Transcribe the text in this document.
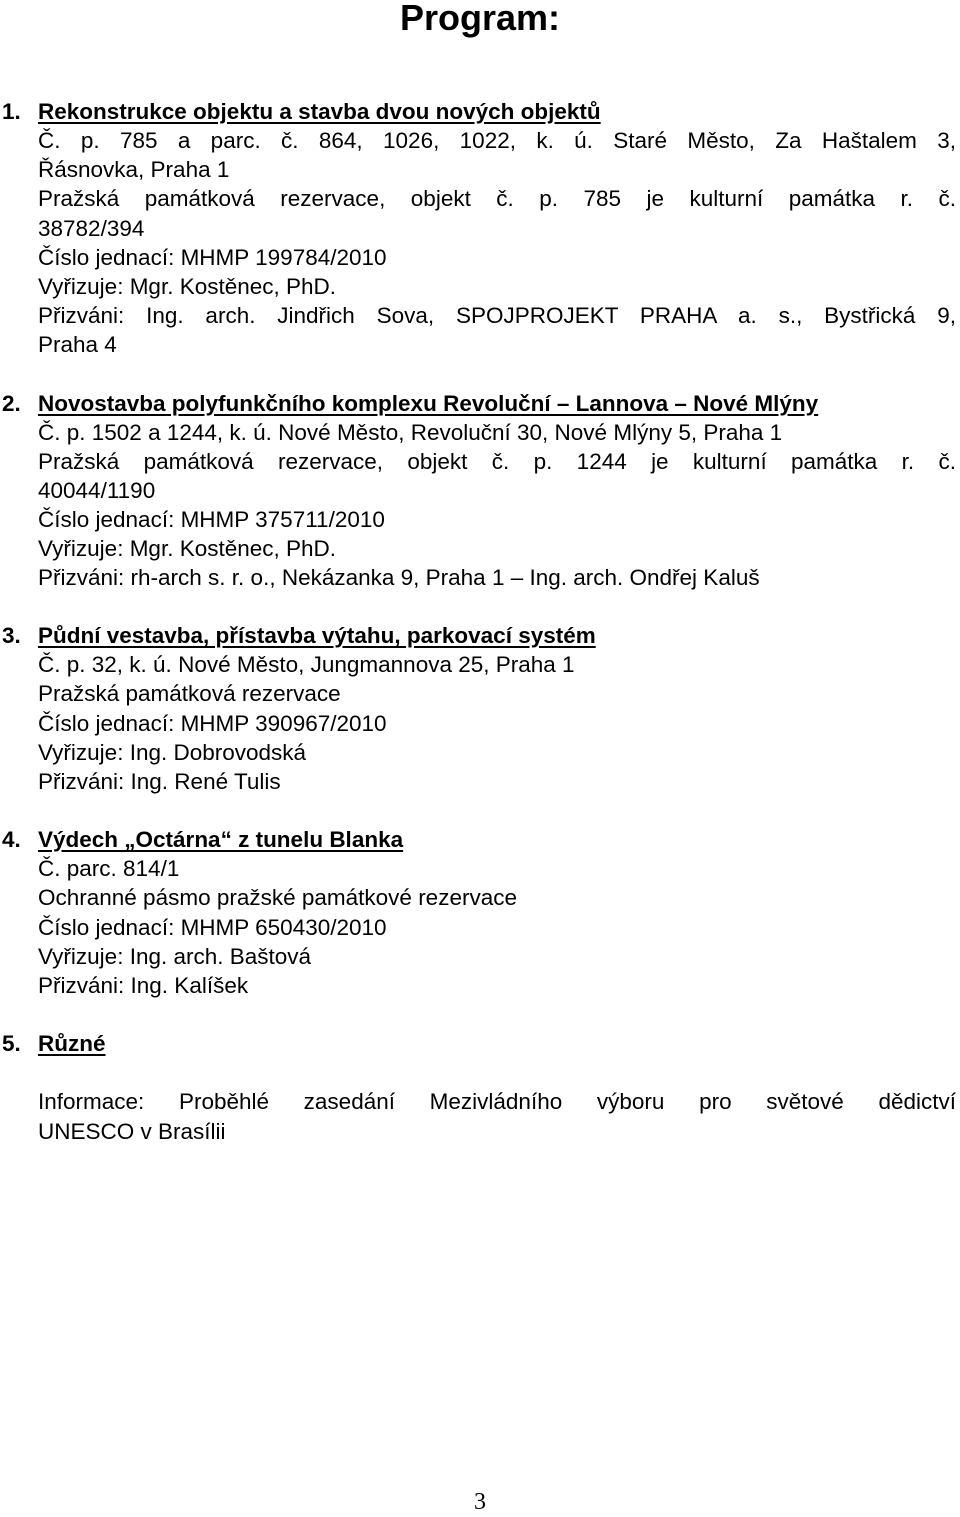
Program:
1. Rekonstrukce objektu a stavba dvou nových objektů
Č. p. 785 a parc. č. 864, 1026, 1022, k. ú. Staré Město, Za Haštalem 3,
Řásnovka, Praha 1
Pražská památková rezervace, objekt č. p. 785 je kulturní památka r. č.
38782/394
Číslo jednací: MHMP 199784/2010
Vyřizuje: Mgr. Kostěnec, PhD.
Přizváni: Ing. arch. Jindřich Sova, SPOJPROJEKT PRAHA a. s., Bystřická 9,
Praha 4
2. Novostavba polyfunkčního komplexu Revoluční – Lannova – Nové Mlýny
Č. p. 1502 a 1244, k. ú. Nové Město, Revoluční 30, Nové Mlýny 5, Praha 1
Pražská památková rezervace, objekt č. p. 1244 je kulturní památka r. č.
40044/1190
Číslo jednací: MHMP 375711/2010
Vyřizuje: Mgr. Kostěnec, PhD.
Přizváni: rh-arch s. r. o., Nekázanka 9, Praha 1 – Ing. arch. Ondřej Kaluš
3. Půdní vestavba, přístavba výtahu, parkovací systém
Č. p. 32, k. ú. Nové Město, Jungmannova 25, Praha 1
Pražská památková rezervace
Číslo jednací: MHMP 390967/2010
Vyřizuje: Ing. Dobrovodská
Přizváni: Ing. René Tulis
4. Výdech „Octárna“ z tunelu Blanka
Č. parc. 814/1
Ochranné pásmo pražské památkové rezervace
Číslo jednací: MHMP 650430/2010
Vyřizuje: Ing. arch. Baštová
Přizváni: Ing. Kalíšek
5. Různé
Informace: Proběhlé zasedání Mezivládního výboru pro světové dědictví
UNESCO v Brasílii
3
